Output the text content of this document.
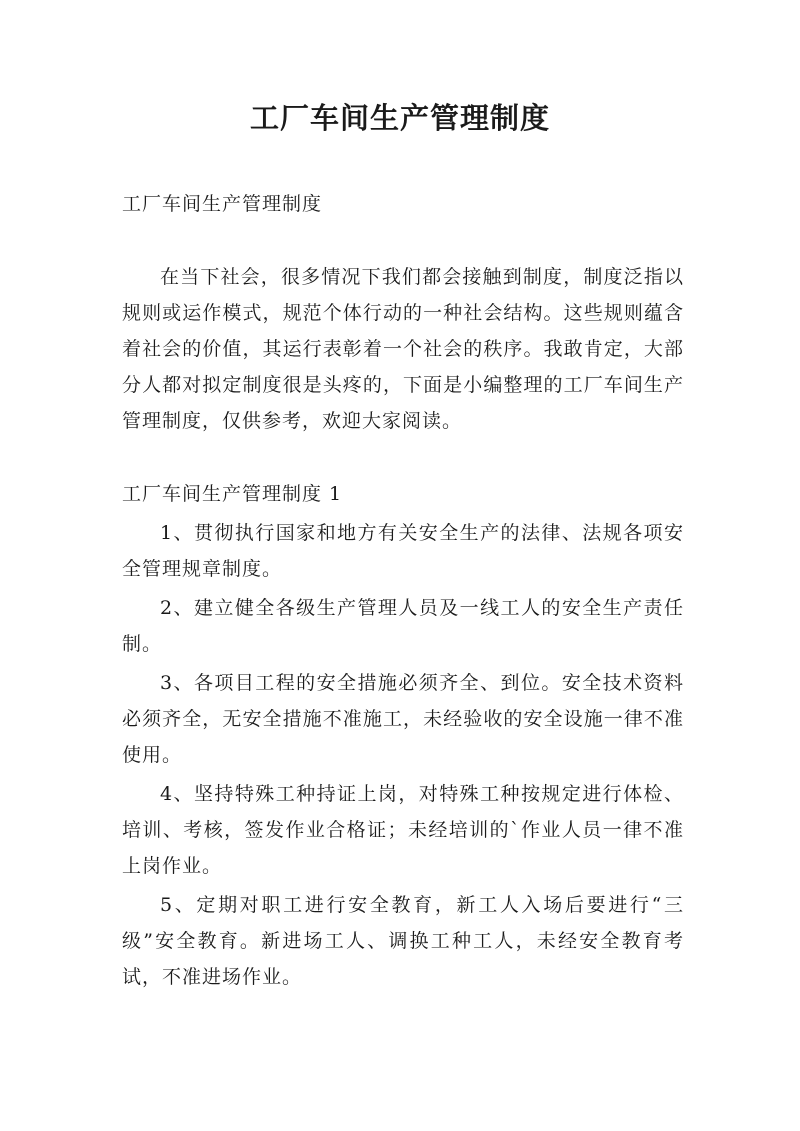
工厂车间生产管理制度

工厂车间生产管理制度

在当下社会，很多情况下我们都会接触到制度，制度泛指以规则或运作模式，规范个体行动的一种社会结构。这些规则蕴含着社会的价值，其运行表彰着一个社会的秩序。我敢肯定，大部分人都对拟定制度很是头疼的，下面是小编整理的工厂车间生产管理制度，仅供参考，欢迎大家阅读。

工厂车间生产管理制度 1

1、贯彻执行国家和地方有关安全生产的法律、法规各项安全管理规章制度。

2、建立健全各级生产管理人员及一线工人的安全生产责任制。

3、各项目工程的安全措施必须齐全、到位。安全技术资料必须齐全，无安全措施不准施工，未经验收的安全设施一律不准使用。

4、坚持特殊工种持证上岗，对特殊工种按规定进行体检、培训、考核，签发作业合格证；未经培训的`作业人员一律不准上岗作业。

5、定期对职工进行安全教育，新工人入场后要进行“三级”安全教育。新进场工人、调换工种工人，未经安全教育考试，不准进场作业。
